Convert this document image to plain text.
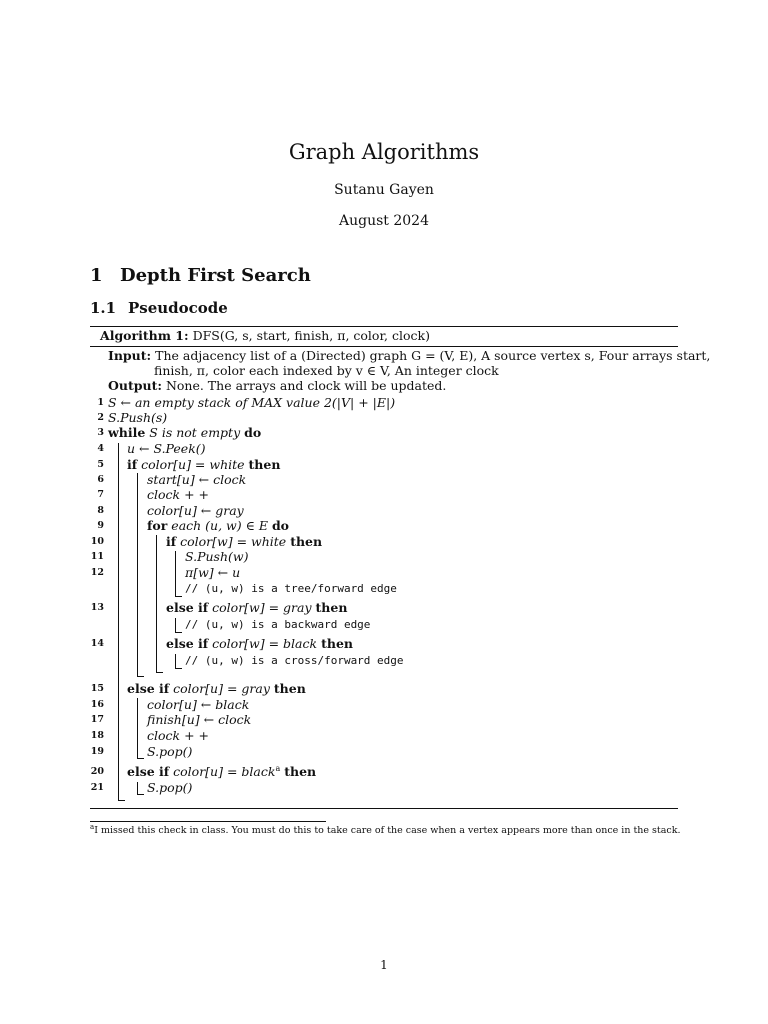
Graph Algorithms
Sutanu Gayen
August 2024
1 Depth First Search
1.1 Pseudocode
Algorithm 1: DFS(G, s, start, finish, π, color, clock)
Input: The adjacency list of a (Directed) graph G = (V, E), A source vertex s, Four arrays start,
finish, π, color each indexed by v ∈ V, An integer clock
Output: None. The arrays and clock will be updated.
1 S ← an empty stack of MAX value 2(|V| + |E|)
2 S.Push(s)
3 while S is not empty do
4 u ← S.Peek()
5 if color[u] = white then
6	start[u] ← clock
7	clock + +
8	color[u] ← gray
9	for each (u, w) ∈ E do
10	if color[w] = white then
11	S.Push(w)
12	π[w] ← u
// (u, w) is a tree/forward edge
13	else if color[w] = gray then
// (u, w) is a backward edge
14	else if color[w] = black then
// (u, w) is a cross/forward edge
15 else if color[u] = gray then
16	color[u] ← black
17	finish[u] ← clock
18	clock + +
19	S.pop()
20 else if color[u] = black$^a$ then
21	S.pop()
$^a$I missed this check in class. You must do this to take care of the case when a vertex appears more than once in the stack.
1
